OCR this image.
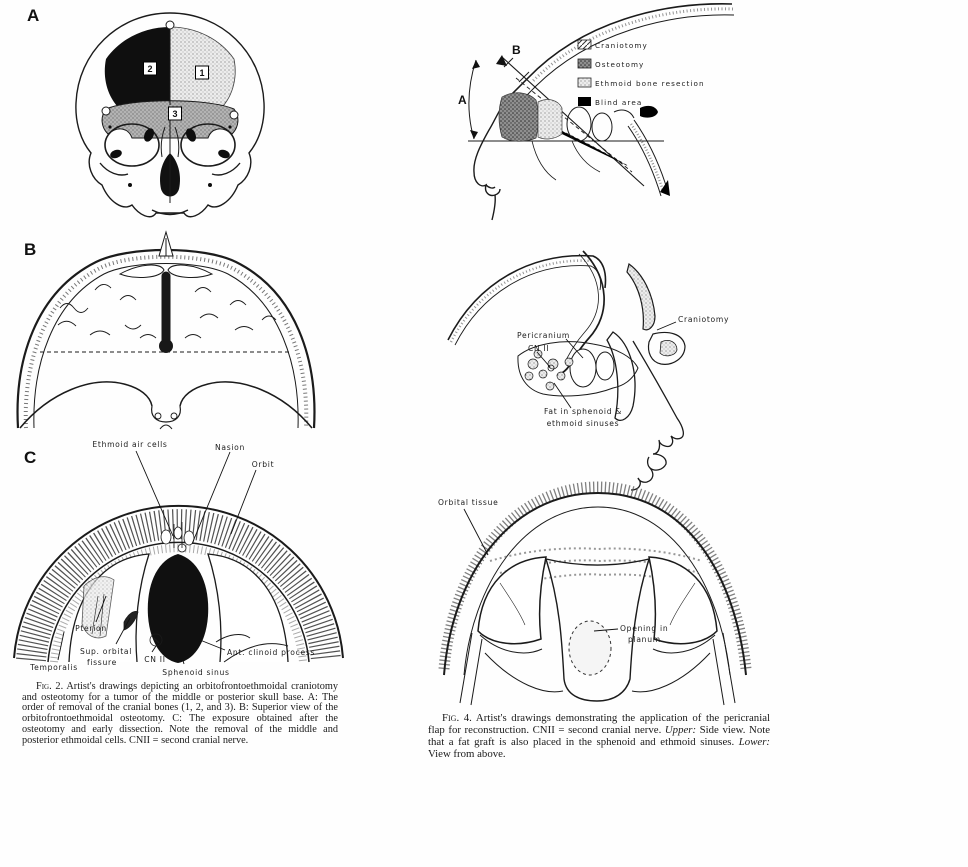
A
B
C
2	1
3
A
B	Craniotomy
Osteotomy
Ethmoid bone resection
Blind area
Ethmoid air cells	Nasion
Orbit
Pterion
Sup. orbital
fissure	CN II
Temporalis
Sphenoid sinus
Ant. clinoid process
Craniotomy
Pericranium
CN II
Fat in sphenoid &
ethmoid sinuses
Orbital tissue
Opening in
planum

Fig. 2. Artist's drawings depicting an orbitofrontoethmoidal craniotomy and osteotomy for a tumor of the middle or posterior skull base. A: The order of removal of the cranial bones (1, 2, and 3). B: Superior view of the orbitofrontoethmoidal osteotomy. C: The exposure obtained after the osteotomy and early dissection. Note the removal of the middle and posterior ethmoidal cells. CNII = second cranial nerve.

Fig. 4. Artist's drawings demonstrating the application of the pericranial flap for reconstruction. CNII = second cranial nerve. Upper: Side view. Note that a fat graft is also placed in the sphenoid and ethmoid sinuses. Lower: View from above.
